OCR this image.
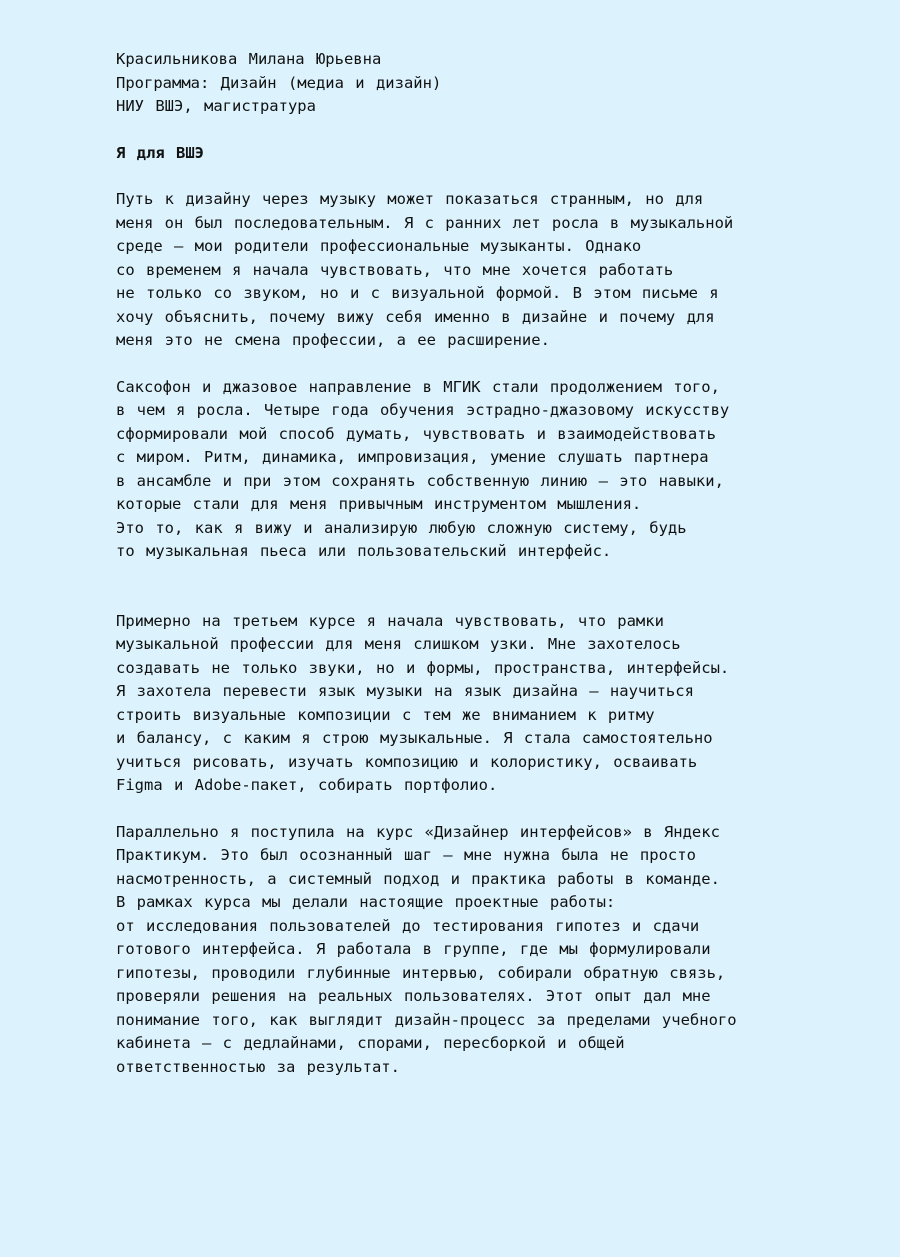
Красильникова Милана Юрьевна
Программа: Дизайн (медиа и дизайн)
НИУ ВШЭ, магистратура
Я для ВШЭ
Путь к дизайну через музыку может показаться странным, но для
меня он был последовательным. Я с ранних лет росла в музыкальной
среде – мои родители профессиональные музыканты. Однако
со временем я начала чувствовать, что мне хочется работать
не только со звуком, но и с визуальной формой. В этом письме я
хочу объяснить, почему вижу себя именно в дизайне и почему для
меня это не смена профессии, а ее расширение.
Саксофон и джазовое направление в МГИК стали продолжением того,
в чем я росла. Четыре года обучения эстрадно-джазовому искусству
сформировали мой способ думать, чувствовать и взаимодействовать
с миром. Ритм, динамика, импровизация, умение слушать партнера
в ансамбле и при этом сохранять собственную линию – это навыки,
которые стали для меня привычным инструментом мышления.
Это то, как я вижу и анализирую любую сложную систему, будь
то музыкальная пьеса или пользовательский интерфейс.
Примерно на третьем курсе я начала чувствовать, что рамки
музыкальной профессии для меня слишком узки. Мне захотелось
создавать не только звуки, но и формы, пространства, интерфейсы.
Я захотела перевести язык музыки на язык дизайна – научиться
строить визуальные композиции с тем же вниманием к ритму
и балансу, с каким я строю музыкальные. Я стала самостоятельно
учиться рисовать, изучать композицию и колористику, осваивать
Figma и Adobe-пакет, собирать портфолио.
Параллельно я поступила на курс «Дизайнер интерфейсов» в Яндекс
Практикум. Это был осознанный шаг – мне нужна была не просто
насмотренность, а системный подход и практика работы в команде.
В рамках курса мы делали настоящие проектные работы:
от исследования пользователей до тестирования гипотез и сдачи
готового интерфейса. Я работала в группе, где мы формулировали
гипотезы, проводили глубинные интервью, собирали обратную связь,
проверяли решения на реальных пользователях. Этот опыт дал мне
понимание того, как выглядит дизайн-процесс за пределами учебного
кабинета – с дедлайнами, спорами, пересборкой и общей
ответственностью за результат.
